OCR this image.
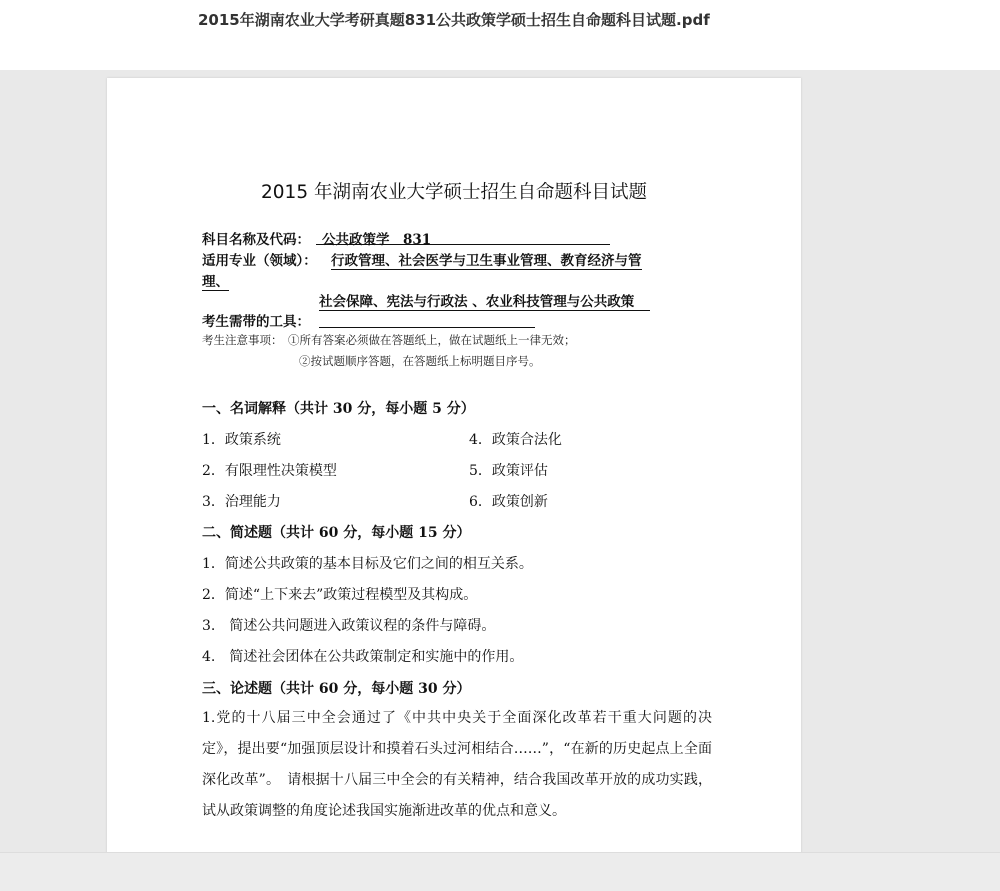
2015年湖南农业大学考研真题831公共政策学硕士招生自命题科目试题.pdf
2015 年湖南农业大学硕士招生自命题科目试题
科目名称及代码： 公共政策学　831
适用专业（领域）： 行政管理、社会医学与卫生事业管理、教育经济与管
理、
社会保障、宪法与行政法 、农业科技管理与公共政策
考生需带的工具：
考生注意事项： ①所有答案必须做在答题纸上，做在试题纸上一律无效；
②按试题顺序答题，在答题纸上标明题目序号。
一、名词解释（共计 30 分，每小题 5 分）
1．政策系统	4．政策合法化
2．有限理性决策模型	5．政策评估
3．治理能力	6．政策创新
二、简述题（共计 60 分，每小题 15 分）
1．简述公共政策的基本目标及它们之间的相互关系。
2．简述“上下来去”政策过程模型及其构成。
3.　简述公共问题进入政策议程的条件与障碍。
4.　简述社会团体在公共政策制定和实施中的作用。
三、论述题（共计 60 分，每小题 30 分）
1.党的十八届三中全会通过了《中共中央关于全面深化改革若干重大问题的决定》，提出要“加强顶层设计和摸着石头过河相结合……”，“在新的历史起点上全面深化改革”。　请根据十八届三中全会的有关精神，结合我国改革开放的成功实践，试从政策调整的角度论述我国实施渐进改革的优点和意义。
